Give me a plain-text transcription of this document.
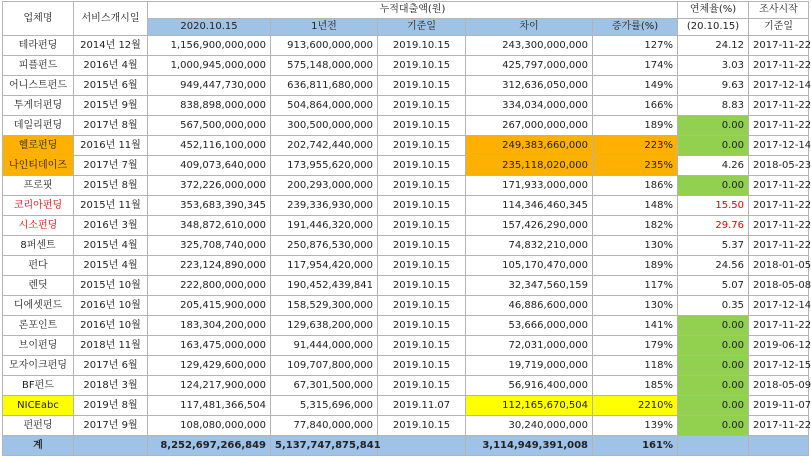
업체명	서비스개시일	누적대출액(원)					연체율(%)	조사시작
		2020.10.15	1년전	기준일	차이	증가률(%)	(20.10.15)	기준일
테라펀딩	2014년 12월	1,156,900,000,000	913,600,000,000	2019.10.15	243,300,000,000	127%	24.12	2017-11-22
피플펀드	2016년 4월	1,000,945,000,000	575,148,000,000	2019.10.15	425,797,000,000	174%	3.03	2017-11-22
어니스트펀드	2015년 6월	949,447,730,000	636,811,680,000	2019.10.15	312,636,050,000	149%	9.63	2017-12-14
투게더펀딩	2015년 9월	838,898,000,000	504,864,000,000	2019.10.15	334,034,000,000	166%	8.83	2017-11-22
데일리펀딩	2017년 8월	567,500,000,000	300,500,000,000	2019.10.15	267,000,000,000	189%	0.00	2017-11-22
헬로펀딩	2016년 11월	452,116,100,000	202,742,440,000	2019.10.15	249,383,660,000	223%	0.00	2017-12-14
나인티데이즈	2017년 7월	409,073,640,000	173,955,620,000	2019.10.15	235,118,020,000	235%	4.26	2018-05-23
프로핏	2015년 8월	372,226,000,000	200,293,000,000	2019.10.15	171,933,000,000	186%	0.00	2017-11-22
코리아펀딩	2015년 11월	353,683,390,345	239,336,930,000	2019.10.15	114,346,460,345	148%	15.50	2017-11-22
시소펀딩	2016년 3월	348,872,610,000	191,446,320,000	2019.10.15	157,426,290,000	182%	29.76	2017-11-22
8퍼센트	2015년 4월	325,708,740,000	250,876,530,000	2019.10.15	74,832,210,000	130%	5.37	2017-11-22
펀다	2015년 4월	223,124,890,000	117,954,420,000	2019.10.15	105,170,470,000	189%	24.56	2018-01-05
렌딧	2015년 10월	222,800,000,000	190,452,439,841	2019.10.15	32,347,560,159	117%	5.07	2018-05-08
디에셋펀드	2016년 10월	205,415,900,000	158,529,300,000	2019.10.15	46,886,600,000	130%	0.35	2017-12-14
론포인트	2016년 10월	183,304,200,000	129,638,200,000	2019.10.15	53,666,000,000	141%	0.00	2017-11-22
브이펀딩	2018년 11월	163,475,000,000	91,444,000,000	2019.10.15	72,031,000,000	179%	0.00	2019-06-12
모자이크펀딩	2017년 6월	129,429,600,000	109,707,800,000	2019.10.15	19,719,000,000	118%	0.00	2017-12-15
BF펀드	2018년 3월	124,217,900,000	67,301,500,000	2019.10.15	56,916,400,000	185%	0.00	2018-05-09
NICEabc	2019년 8월	117,481,366,504	5,315,696,000	2019.11.07	112,165,670,504	2210%	0.00	2019-11-07
펀펀딩	2017년 9월	108,080,000,000	77,840,000,000	2019.10.15	30,240,000,000	139%	0.00	2017-11-22
계		8,252,697,266,849	5,137,747,875,841		3,114,949,391,008	161%		
